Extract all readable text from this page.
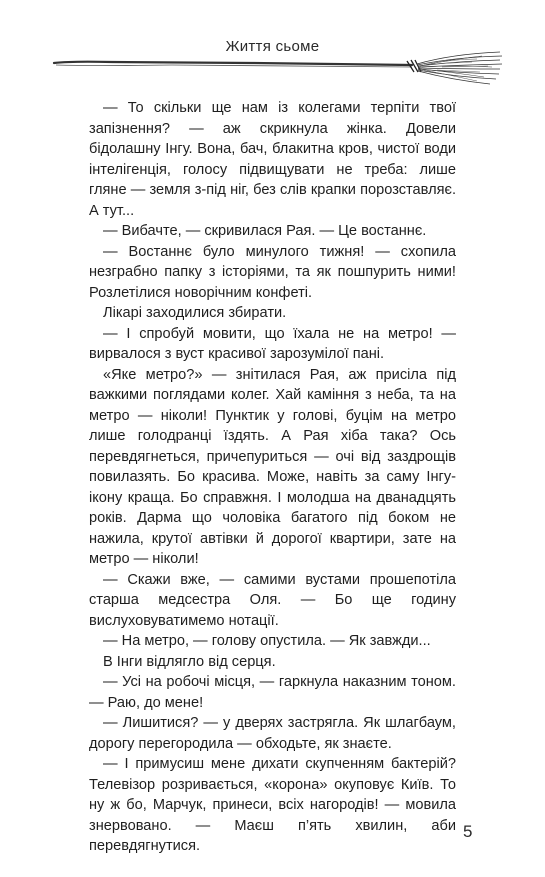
Життя сьоме

— То скільки ще нам із колегами терпіти твої запізнення? — аж скрикнула жінка. Довели бідолашну Інгу. Вона, бач, блакитна кров, чистої води інтелігенція, голосу підвищувати не треба: лише гляне — земля з-під ніг, без слів крапки порозставляє. А тут...

— Вибачте, — скривилася Рая. — Це востаннє.

— Востаннє було минулого тижня! — схопила незграбно папку з історіями, та як пошпурить ними! Розлетілися новорічним конфеті.

Лікарі заходилися збирати.

— І спробуй мовити, що їхала не на метро! — вирвалося з вуст красивої зарозумілої пані.

«Яке метро?» — знітилася Рая, аж присіла під важкими поглядами колег. Хай каміння з неба, та на метро — ніколи! Пунктик у голові, буцім на метро лише голодранці їздять. А Рая хіба така? Ось перевдягнеться, причепуриться — очі від заздрощів повилазять. Бо красива. Може, навіть за саму Інгу-ікону краща. Бо справжня. І молодша на дванадцять років. Дарма що чоловіка багатого під боком не нажила, крутої автівки й дорогої квартири, зате на метро — ніколи!

— Скажи вже, — самими вустами прошепотіла старша медсестра Оля. — Бо ще годину вислуховуватимемо нотації.

— На метро, — голову опустила. — Як завжди...

В Інги відлягло від серця.

— Усі на робочі місця, — гаркнула наказним тоном. — Раю, до мене!

— Лишитися? — у дверях застрягла. Як шлагбаум, дорогу перегородила — обходьте, як знаєте.

— І примусиш мене дихати скупченням бактерій? Телевізор розривається, «корона» окуповує Київ. То ну ж бо, Марчук, принеси, всіх нагородів! — мовила знервовано. — Маєш п’ять хвилин, аби перевдягнутися.

5
